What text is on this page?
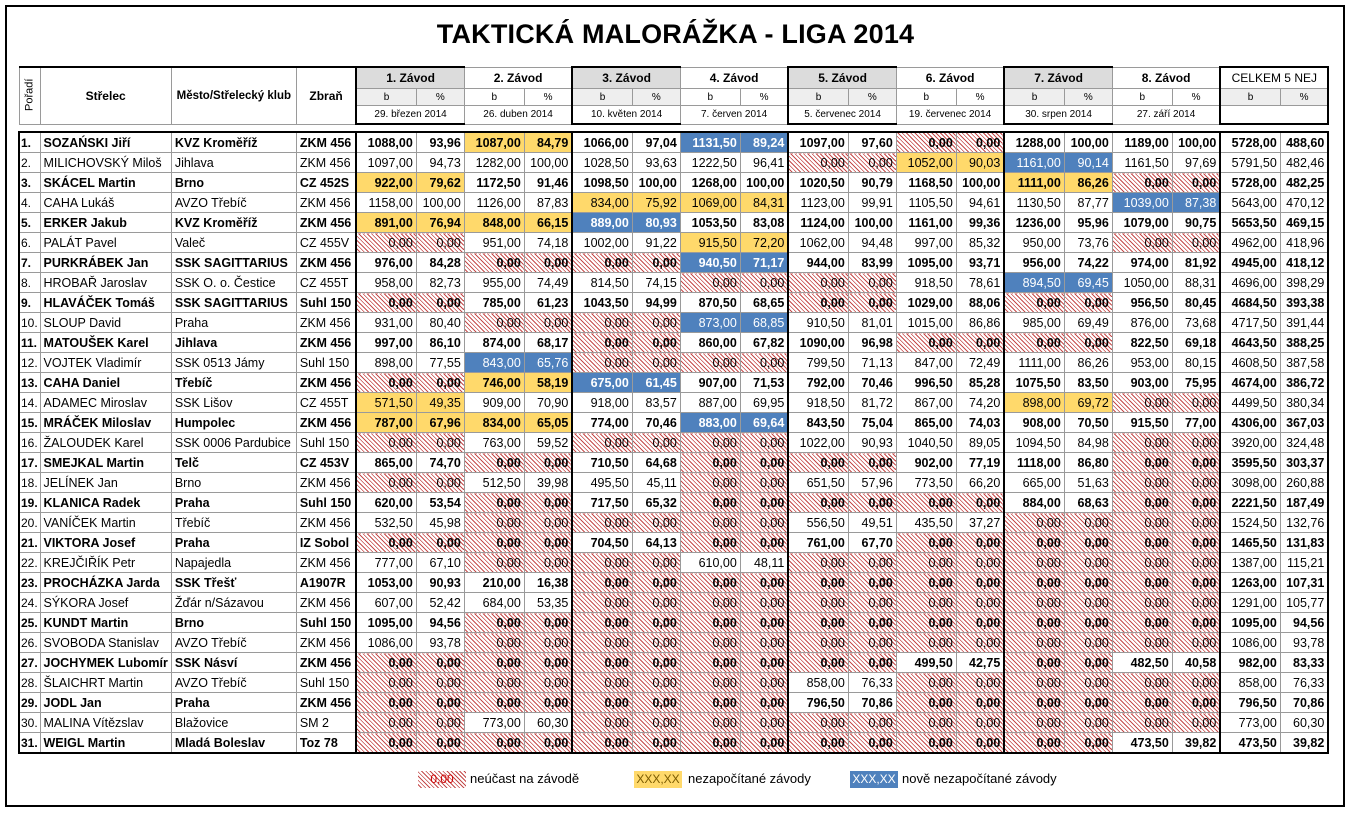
TAKTICKÁ MALORÁŽKA - LIGA 2014
Pořadí	Střelec	Město/Střelecký klub	Zbraň	1. Závod		2. Závod		3. Závod		4. Závod		5. Závod		6. Závod		7. Závod		8. Závod		CELKEM 5 NEJ	
				b	%	b	%	b	%	b	%	b	%	b	%	b	%	b	%	b	%
				29. březen 2014		26. duben 2014		10. květen 2014		7. červen 2014		5. červenec 2014		19. červenec 2014		30. srpen 2014		27. září 2014			

1.	SOZAŃSKI Jiří	KVZ Kroměříž	ZKM 456	1088,00	93,96	1087,00	84,79	1066,00	97,04	1131,50	89,24	1097,00	97,60	0,00	0,00	1288,00	100,00	1189,00	100,00	5728,00	488,60
2.	MILICHOVSKÝ Miloš	Jihlava	ZKM 456	1097,00	94,73	1282,00	100,00	1028,50	93,63	1222,50	96,41	0,00	0,00	1052,00	90,03	1161,00	90,14	1161,50	97,69	5791,50	482,46
3.	SKÁCEL Martin	Brno	CZ 452S	922,00	79,62	1172,50	91,46	1098,50	100,00	1268,00	100,00	1020,50	90,79	1168,50	100,00	1111,00	86,26	0,00	0,00	5728,00	482,25
4.	CAHA Lukáš	AVZO Třebíč	ZKM 456	1158,00	100,00	1126,00	87,83	834,00	75,92	1069,00	84,31	1123,00	99,91	1105,50	94,61	1130,50	87,77	1039,00	87,38	5643,00	470,12
5.	ERKER Jakub	KVZ Kroměříž	ZKM 456	891,00	76,94	848,00	66,15	889,00	80,93	1053,50	83,08	1124,00	100,00	1161,00	99,36	1236,00	95,96	1079,00	90,75	5653,50	469,15
6.	PALÁT Pavel	Valeč	CZ 455V	0,00	0,00	951,00	74,18	1002,00	91,22	915,50	72,20	1062,00	94,48	997,00	85,32	950,00	73,76	0,00	0,00	4962,00	418,96
7.	PURKRÁBEK Jan	SSK SAGITTARIUS	ZKM 456	976,00	84,28	0,00	0,00	0,00	0,00	940,50	71,17	944,00	83,99	1095,00	93,71	956,00	74,22	974,00	81,92	4945,00	418,12
8.	HROBAŘ Jaroslav	SSK O. o. Čestice	CZ 455T	958,00	82,73	955,00	74,49	814,50	74,15	0,00	0,00	0,00	0,00	918,50	78,61	894,50	69,45	1050,00	88,31	4696,00	398,29
9.	HLAVÁČEK Tomáš	SSK SAGITTARIUS	Suhl 150	0,00	0,00	785,00	61,23	1043,50	94,99	870,50	68,65	0,00	0,00	1029,00	88,06	0,00	0,00	956,50	80,45	4684,50	393,38
10.	SLOUP David	Praha	ZKM 456	931,00	80,40	0,00	0,00	0,00	0,00	873,00	68,85	910,50	81,01	1015,00	86,86	985,00	69,49	876,00	73,68	4717,50	391,44
11.	MATOUŠEK Karel	Jihlava	ZKM 456	997,00	86,10	874,00	68,17	0,00	0,00	860,00	67,82	1090,00	96,98	0,00	0,00	0,00	0,00	822,50	69,18	4643,50	388,25
12.	VOJTEK Vladimír	SSK 0513 Jámy	Suhl 150	898,00	77,55	843,00	65,76	0,00	0,00	0,00	0,00	799,50	71,13	847,00	72,49	1111,00	86,26	953,00	80,15	4608,50	387,58
13.	CAHA Daniel	Třebíč	ZKM 456	0,00	0,00	746,00	58,19	675,00	61,45	907,00	71,53	792,00	70,46	996,50	85,28	1075,50	83,50	903,00	75,95	4674,00	386,72
14.	ADAMEC Miroslav	SSK Lišov	CZ 455T	571,50	49,35	909,00	70,90	918,00	83,57	887,00	69,95	918,50	81,72	867,00	74,20	898,00	69,72	0,00	0,00	4499,50	380,34
15.	MRÁČEK Miloslav	Humpolec	ZKM 456	787,00	67,96	834,00	65,05	774,00	70,46	883,00	69,64	843,50	75,04	865,00	74,03	908,00	70,50	915,50	77,00	4306,00	367,03
16.	ŽALOUDEK Karel	SSK 0006 Pardubice	Suhl 150	0,00	0,00	763,00	59,52	0,00	0,00	0,00	0,00	1022,00	90,93	1040,50	89,05	1094,50	84,98	0,00	0,00	3920,00	324,48
17.	SMEJKAL Martin	Telč	CZ 453V	865,00	74,70	0,00	0,00	710,50	64,68	0,00	0,00	0,00	0,00	902,00	77,19	1118,00	86,80	0,00	0,00	3595,50	303,37
18.	JELÍNEK Jan	Brno	ZKM 456	0,00	0,00	512,50	39,98	495,50	45,11	0,00	0,00	651,50	57,96	773,50	66,20	665,00	51,63	0,00	0,00	3098,00	260,88
19.	KLANICA Radek	Praha	Suhl 150	620,00	53,54	0,00	0,00	717,50	65,32	0,00	0,00	0,00	0,00	0,00	0,00	884,00	68,63	0,00	0,00	2221,50	187,49
20.	VANÍČEK Martin	Třebíč	ZKM 456	532,50	45,98	0,00	0,00	0,00	0,00	0,00	0,00	556,50	49,51	435,50	37,27	0,00	0,00	0,00	0,00	1524,50	132,76
21.	VIKTORA Josef	Praha	IZ Sobol	0,00	0,00	0,00	0,00	704,50	64,13	0,00	0,00	761,00	67,70	0,00	0,00	0,00	0,00	0,00	0,00	1465,50	131,83
22.	KREJČIŘÍK Petr	Napajedla	ZKM 456	777,00	67,10	0,00	0,00	0,00	0,00	610,00	48,11	0,00	0,00	0,00	0,00	0,00	0,00	0,00	0,00	1387,00	115,21
23.	PROCHÁZKA Jarda	SSK Třešť	A1907R	1053,00	90,93	210,00	16,38	0,00	0,00	0,00	0,00	0,00	0,00	0,00	0,00	0,00	0,00	0,00	0,00	1263,00	107,31
24.	SÝKORA Josef	Žďár n/Sázavou	ZKM 456	607,00	52,42	684,00	53,35	0,00	0,00	0,00	0,00	0,00	0,00	0,00	0,00	0,00	0,00	0,00	0,00	1291,00	105,77
25.	KUNDT Martin	Brno	Suhl 150	1095,00	94,56	0,00	0,00	0,00	0,00	0,00	0,00	0,00	0,00	0,00	0,00	0,00	0,00	0,00	0,00	1095,00	94,56
26.	SVOBODA Stanislav	AVZO Třebíč	ZKM 456	1086,00	93,78	0,00	0,00	0,00	0,00	0,00	0,00	0,00	0,00	0,00	0,00	0,00	0,00	0,00	0,00	1086,00	93,78
27.	JOCHYMEK Lubomír	SSK Násví	ZKM 456	0,00	0,00	0,00	0,00	0,00	0,00	0,00	0,00	0,00	0,00	499,50	42,75	0,00	0,00	482,50	40,58	982,00	83,33
28.	ŠLAICHRT Martin	AVZO Třebíč	Suhl 150	0,00	0,00	0,00	0,00	0,00	0,00	0,00	0,00	858,00	76,33	0,00	0,00	0,00	0,00	0,00	0,00	858,00	76,33
29.	JODL Jan	Praha	ZKM 456	0,00	0,00	0,00	0,00	0,00	0,00	0,00	0,00	796,50	70,86	0,00	0,00	0,00	0,00	0,00	0,00	796,50	70,86
30.	MALINA Vítězslav	Blažovice	SM 2	0,00	0,00	773,00	60,30	0,00	0,00	0,00	0,00	0,00	0,00	0,00	0,00	0,00	0,00	0,00	0,00	773,00	60,30
31.	WEIGL Martin	Mladá Boleslav	Toz 78	0,00	0,00	0,00	0,00	0,00	0,00	0,00	0,00	0,00	0,00	0,00	0,00	0,00	0,00	473,50	39,82	473,50	39,82
0,00	neúčast na závodě	XXX,XX nezapočítané závody	XXX,XX nově nezapočítané závody
